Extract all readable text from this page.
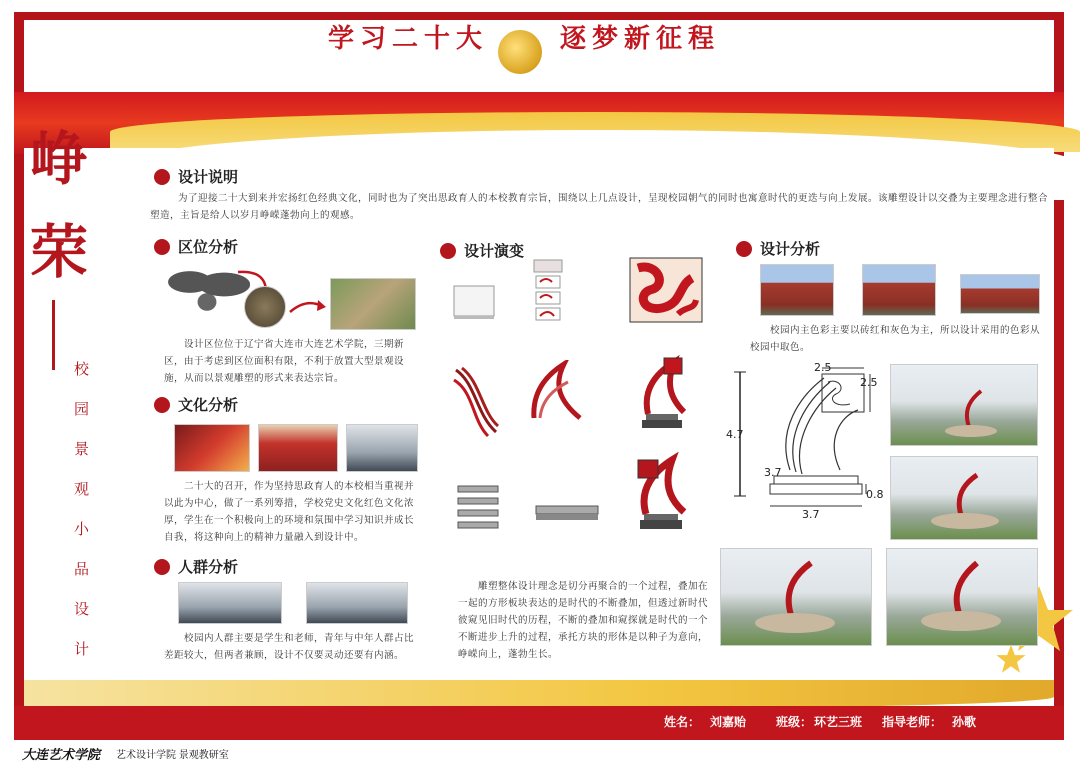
学习二十大	逐梦新征程
峥
荣
校
园
景
观
小
品
设
计
设计说明
为了迎接二十大到来并宏扬红色经典文化，同时也为了突出思政育人的本校教育宗旨，围绕以上几点设计，呈现校园朝气的同时也寓意时代的更迭与向上发展。该雕塑设计以交叠为主要理念进行整合塑造，主旨是给人以岁月峥嵘蓬勃向上的观感。
区位分析
设计区位位于辽宁省大连市大连艺术学院，三期新区，由于考虑到区位面积有限，不利于放置大型景观设施，从而以景观雕塑的形式来表达宗旨。
文化分析
二十大的召开，作为坚持思政育人的本校相当重视并以此为中心，做了一系列筹措，学校党史文化红色文化浓厚，学生在一个积极向上的环境和氛围中学习知识并成长自我，将这种向上的精神力量融入到设计中。
人群分析
校园内人群主要是学生和老师，青年与中年人群占比差距较大，但两者兼顾，设计不仅要灵动还要有内涵。
设计演变
雕塑整体设计理念是切分再聚合的一个过程，叠加在一起的方形板块表达的是时代的不断叠加，但透过新时代彼窥见旧时代的历程，不断的叠加和窥探就是时代的一个不断进步上升的过程，承托方块的形体是以种子为意向，峥嵘向上，蓬勃生长。
设计分析
校园内主色彩主要以砖红和灰色为主，所以设计采用的色彩从校园中取色。
4.7
2.5
2.5
3.7
0.8
3.7
姓名： 刘嘉贻 班级： 环艺三班 指导老师： 孙歌
大连艺术学院 艺术设计学院 景观教研室
